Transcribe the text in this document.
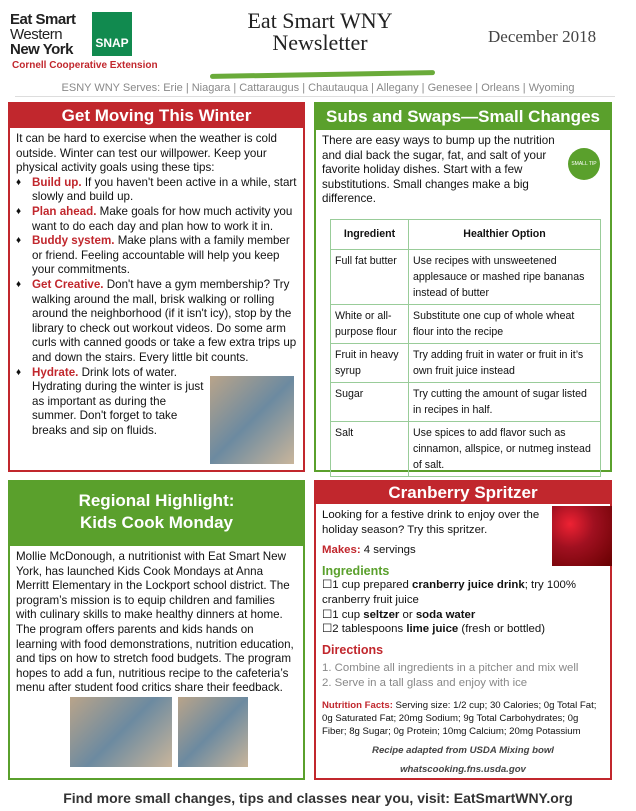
Eat Smart
Western
New York SNAP
Cornell Cooperative Extension
Eat Smart WNY
Newsletter	December 2018
ESNY WNY Serves: Erie | Niagara | Cattaraugus | Chautauqua | Allegany | Genesee | Orleans | Wyoming
Get Moving This Winter

It can be hard to exercise when the weather is cold outside. Winter can test our willpower. Keep your physical activity goals using these tips:

♦ Build up. If you haven't been active in a while, start slowly and build up.
♦ Plan ahead. Make goals for how much activity you want to do each day and plan how to work it in.
♦ Buddy system. Make plans with a family member or friend. Feeling accountable will help you keep your commitments.
♦ Get Creative. Don't have a gym membership? Try walking around the mall, brisk walking or rolling around the neighborhood (if it isn't icy), stop by the library to check out workout videos. Do some arm curls with canned goods or take a few extra trips up and down the stairs. Every little bit counts.
♦ Hydrate. Drink lots of water. Hydrating during the winter is just as important as during the summer. Don't forget to take breaks and sip on fluids.
Subs and Swaps—Small Changes

There are easy ways to bump up the nutrition and dial back the sugar, fat, and salt of your favorite holiday dishes. Start with a few substitutions. Small changes make a big difference.

SMALL TIP TODAY CHANGE
Ingredient	Healthier Option
Full fat butter	Use recipes with unsweetened applesauce or mashed ripe bananas instead of butter
White or all-purpose flour	Substitute one cup of whole wheat flour into the recipe
Fruit in heavy syrup	Try adding fruit in water or fruit in it’s own fruit juice instead
Sugar	Try cutting the amount of sugar listed in recipes in half.
Salt	Use spices to add flavor such as cinnamon, allspice, or nutmeg instead of salt.
Regional Highlight:
Kids Cook Monday

Mollie McDonough, a nutritionist with Eat Smart New York, has launched Kids Cook Mondays at Anna Merritt Elementary in the Lockport school district. The program’s mission is to equip children and families with culinary skills to make healthy dinners at home. The program offers parents and kids hands on learning with food demonstrations, nutrition education, and tips on how to stretch food budgets. The program hopes to add a fun, nutritious recipe to the cafeteria’s menu after student food critics share their feedback.

Cranberry Spritzer

Looking for a festive drink to enjoy over the holiday season? Try this spritzer.

Makes: 4 servings

Ingredients
☐1 cup prepared cranberry juice drink; try 100% cranberry fruit juice
☐1 cup seltzer or soda water
☐2 tablespoons lime juice (fresh or bottled)
Directions
1. Combine all ingredients in a pitcher and mix well
2. Serve in a tall glass and enjoy with ice

Nutrition Facts: Serving size: 1/2 cup; 30 Calories; 0g Total Fat; 0g Saturated Fat; 20mg Sodium; 9g Total Carbohydrates; 0g Fiber; 8g Sugar; 0g Protein; 10mg Calcium; 20mg Potassium

Recipe adapted from USDA Mixing bowl

whatscooking.fns.usda.gov

Find more small changes, tips and classes near you, visit: EatSmartWNY.org
